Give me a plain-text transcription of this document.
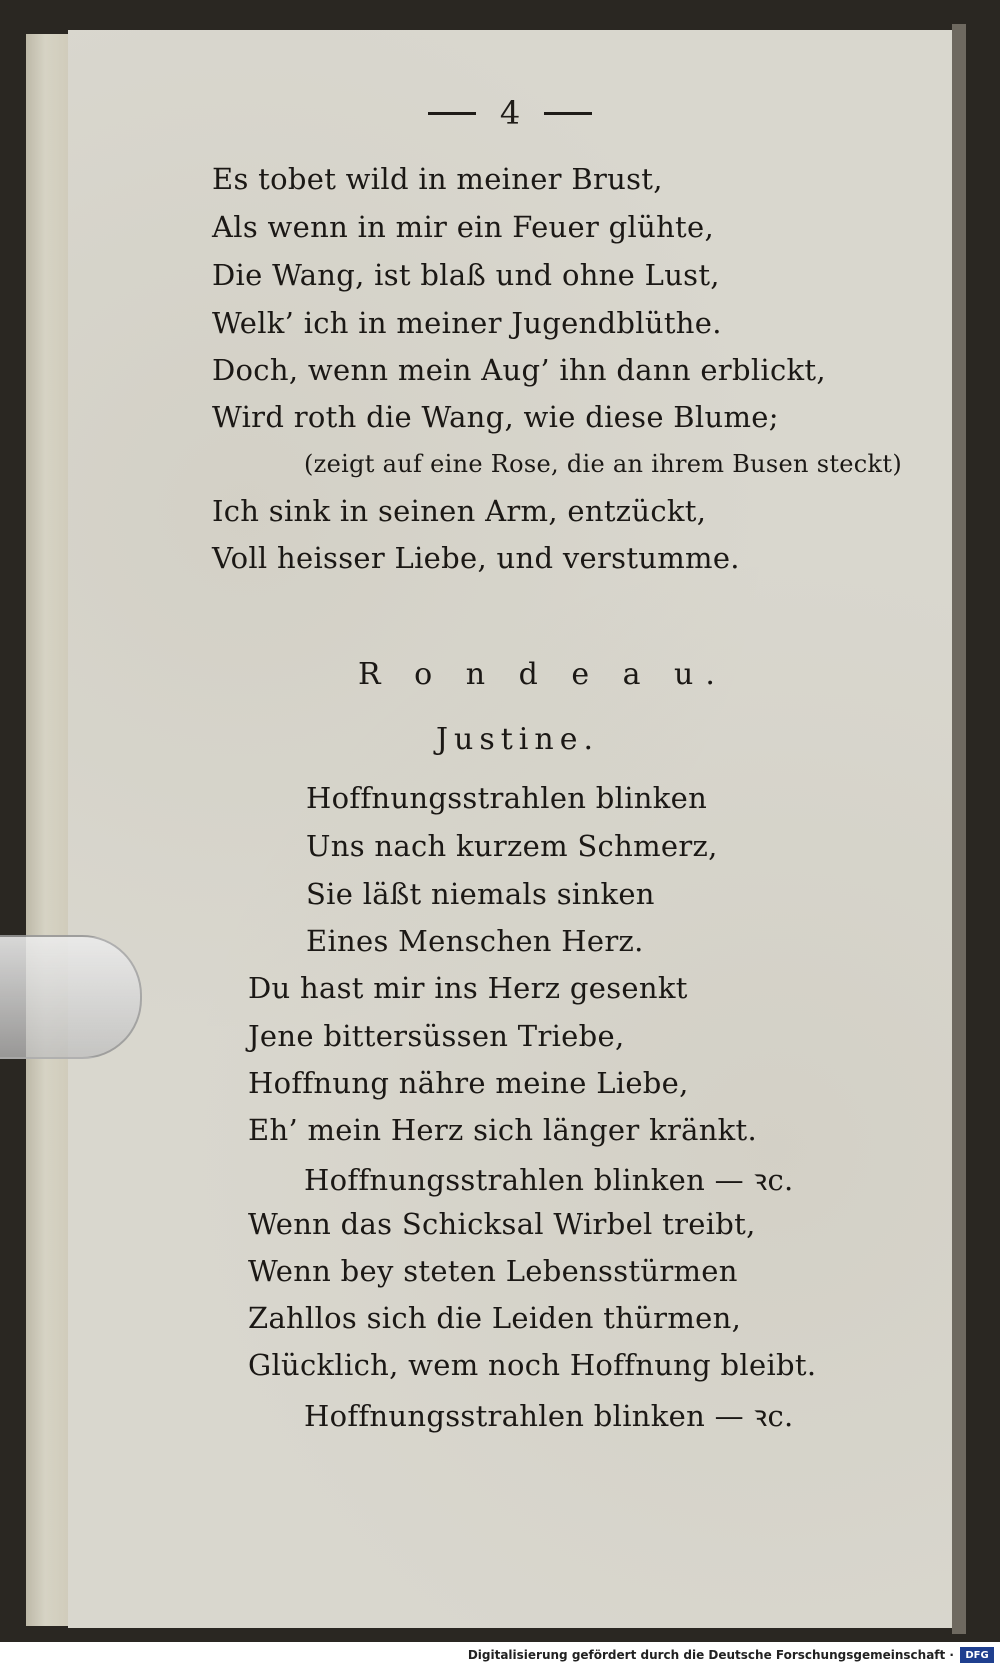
4
Es tobet wild in meiner Brust,
Als wenn in mir ein Feuer glühte,
Die Wang, ist blaß und ohne Lust,
Welk’ ich in meiner Jugendblüthe.
Doch, wenn mein Aug’ ihn dann erblickt,
Wird roth die Wang, wie diese Blume;
(zeigt auf eine Rose, die an ihrem Busen steckt)
Ich sink in seinen Arm, entzückt,
Voll heisser Liebe, und verstumme.
R o n d e a u.
Justine.
Hoffnungsstrahlen blinken
Uns nach kurzem Schmerz,
Sie läßt niemals sinken
Eines Menschen Herz.
Du hast mir ins Herz gesenkt
Jene bittersüssen Triebe,
Hoffnung nähre meine Liebe,
Eh’ mein Herz sich länger kränkt.
Hoffnungsstrahlen blinken — ꝛc.
Wenn das Schicksal Wirbel treibt,
Wenn bey steten Lebensstürmen
Zahllos sich die Leiden thürmen,
Glücklich, wem noch Hoffnung bleibt.
Hoffnungsstrahlen blinken — ꝛc.
Digitalisierung gefördert durch die Deutsche Forschungsgemeinschaft ·	DFG
